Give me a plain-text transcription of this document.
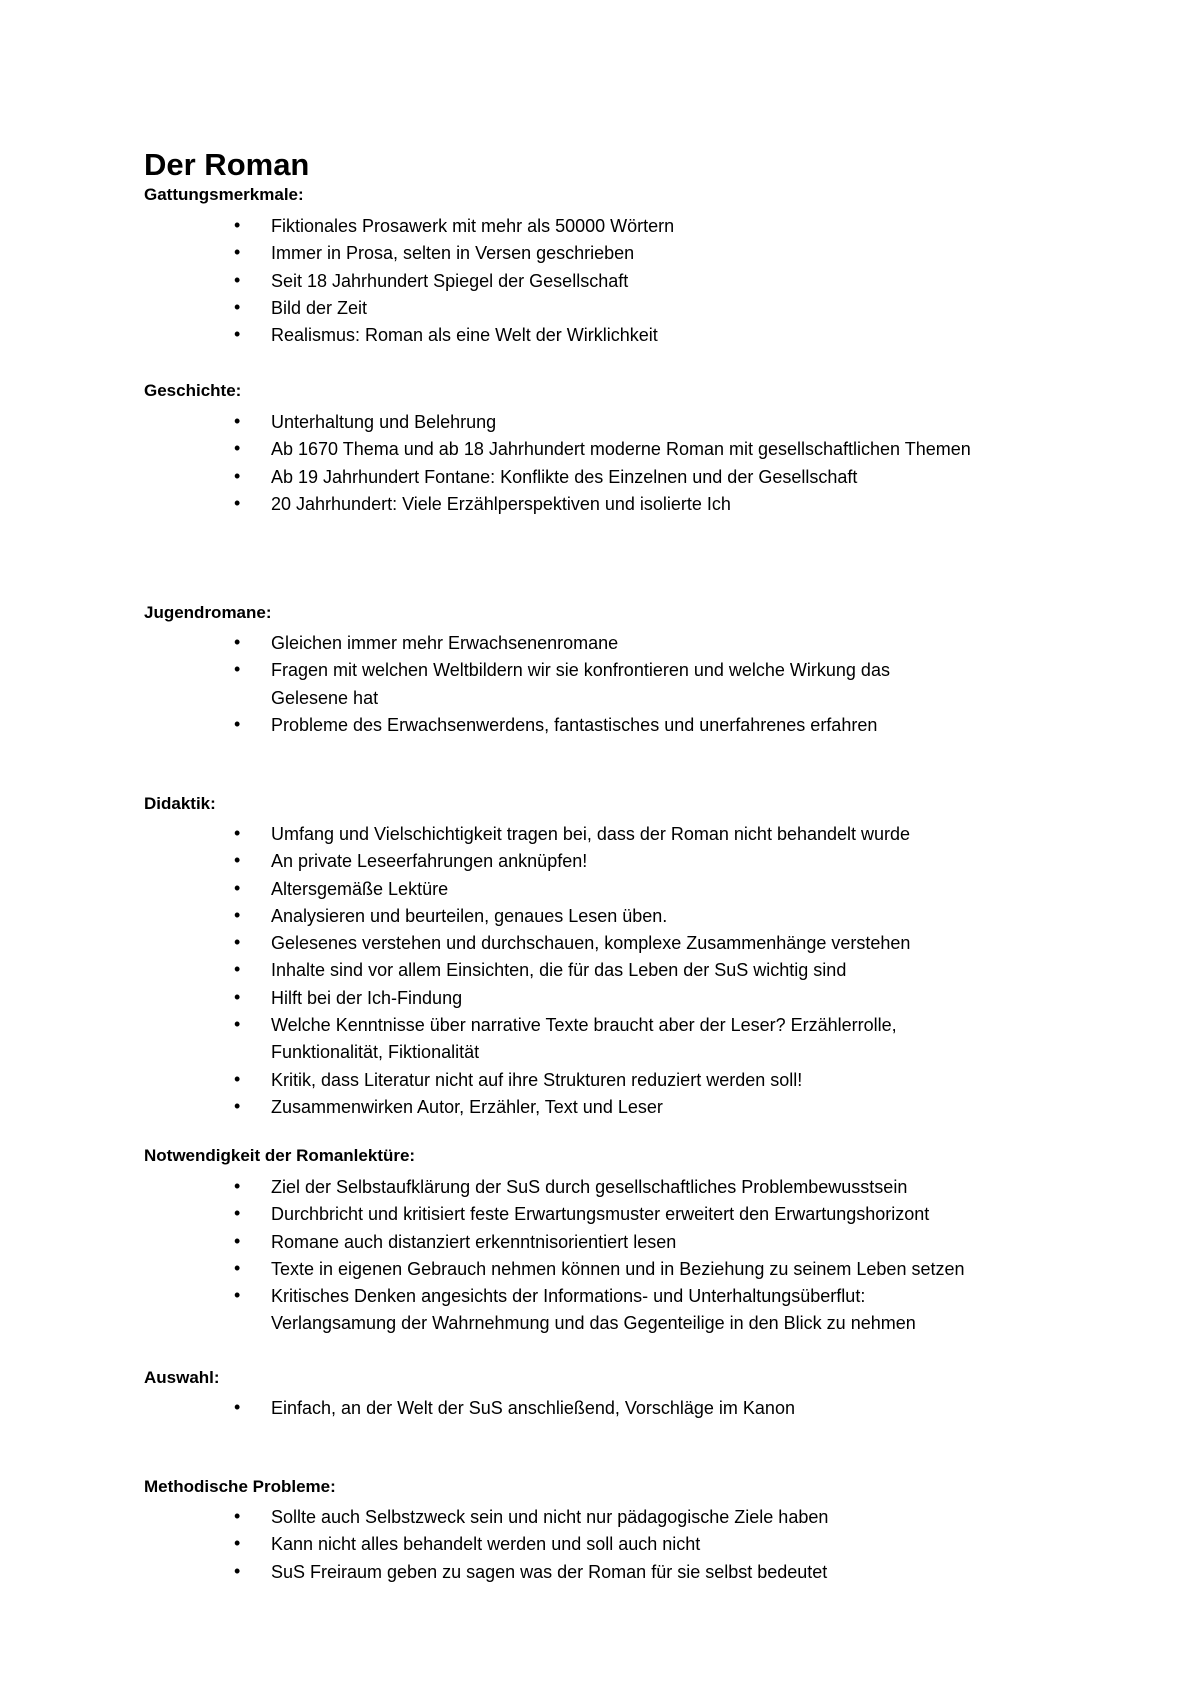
Der Roman
Gattungsmerkmale:
• Fiktionales Prosawerk mit mehr als 50000 Wörtern
• Immer in Prosa, selten in Versen geschrieben
• Seit 18 Jahrhundert Spiegel der Gesellschaft
• Bild der Zeit
• Realismus: Roman als eine Welt der Wirklichkeit
Geschichte:
• Unterhaltung und Belehrung
• Ab 1670 Thema und ab 18 Jahrhundert moderne Roman mit gesellschaftlichen Themen
• Ab 19 Jahrhundert Fontane: Konflikte des Einzelnen und der Gesellschaft
• 20 Jahrhundert: Viele Erzählperspektiven und isolierte Ich
Jugendromane:
• Gleichen immer mehr Erwachsenenromane
• Fragen mit welchen Weltbildern wir sie konfrontieren und welche Wirkung das
Gelesene hat
• Probleme des Erwachsenwerdens, fantastisches und unerfahrenes erfahren
Didaktik:
• Umfang und Vielschichtigkeit tragen bei, dass der Roman nicht behandelt wurde
• An private Leseerfahrungen anknüpfen!
• Altersgemäße Lektüre
• Analysieren und beurteilen, genaues Lesen üben.
• Gelesenes verstehen und durchschauen, komplexe Zusammenhänge verstehen
• Inhalte sind vor allem Einsichten, die für das Leben der SuS wichtig sind
• Hilft bei der Ich-Findung
• Welche Kenntnisse über narrative Texte braucht aber der Leser? Erzählerrolle,
Funktionalität, Fiktionalität
• Kritik, dass Literatur nicht auf ihre Strukturen reduziert werden soll!
• Zusammenwirken Autor, Erzähler, Text und Leser
Notwendigkeit der Romanlektüre:
• Ziel der Selbstaufklärung der SuS durch gesellschaftliches Problembewusstsein
• Durchbricht und kritisiert feste Erwartungsmuster erweitert den Erwartungshorizont
• Romane auch distanziert erkenntnisorientiert lesen
• Texte in eigenen Gebrauch nehmen können und in Beziehung zu seinem Leben setzen
• Kritisches Denken angesichts der Informations- und Unterhaltungsüberflut:
Verlangsamung der Wahrnehmung und das Gegenteilige in den Blick zu nehmen
Auswahl:
• Einfach, an der Welt der SuS anschließend, Vorschläge im Kanon
Methodische Probleme:
• Sollte auch Selbstzweck sein und nicht nur pädagogische Ziele haben
• Kann nicht alles behandelt werden und soll auch nicht
• SuS Freiraum geben zu sagen was der Roman für sie selbst bedeutet
